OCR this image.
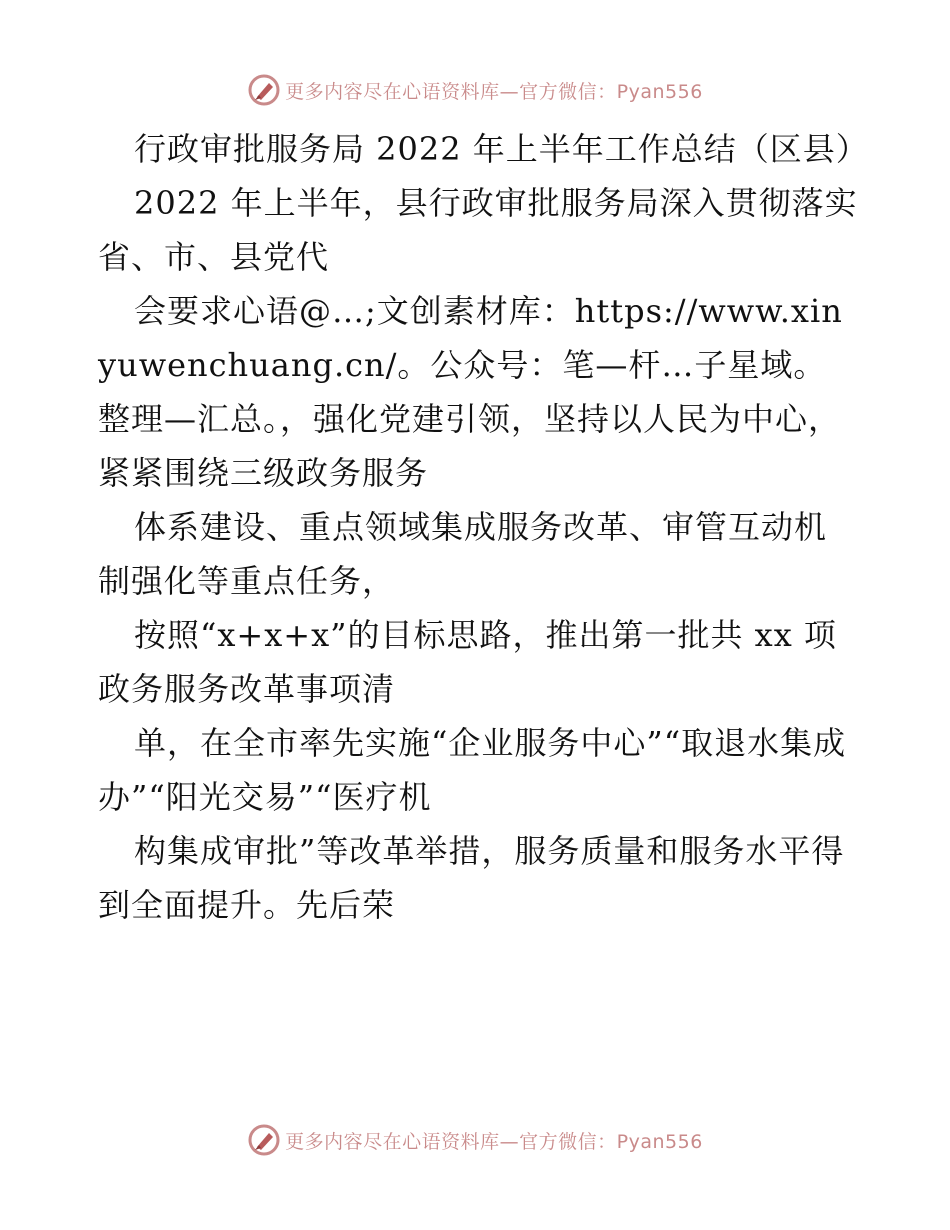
更多内容尽在心语资料库—官方微信：Pyan556

行政审批服务局 2022 年上半年工作总结（区县）

2022 年上半年，县行政审批服务局深入贯彻落实省、市、县党代

会要求心语@…;文创素材库：https://www.xinyuwenchuang.cn/。公众号：笔—杆…子星域。整理—汇总。，强化党建引领，坚持以人民为中心，紧紧围绕三级政务服务

体系建设、重点领域集成服务改革、审管互动机制强化等重点任务，

按照“x+x+x”的目标思路，推出第一批共 xx 项政务服务改革事项清

单，在全市率先实施“企业服务中心”“取退水集成办”“阳光交易”“医疗机

构集成审批”等改革举措，服务质量和服务水平得到全面提升。先后荣

更多内容尽在心语资料库—官方微信：Pyan556
